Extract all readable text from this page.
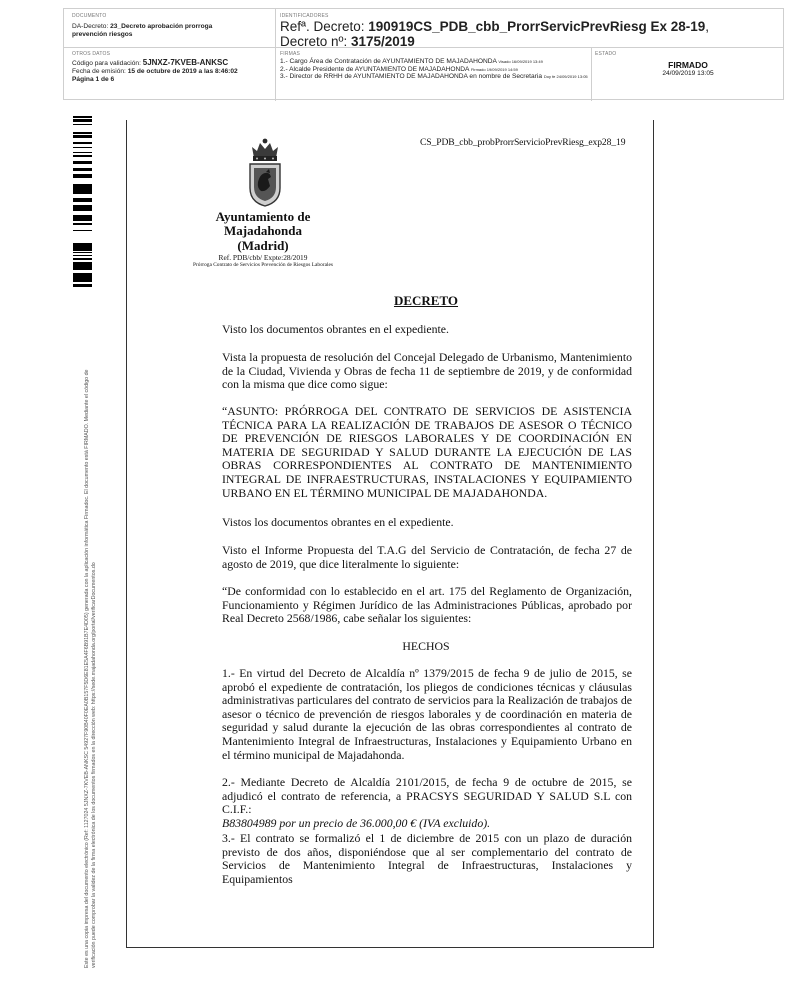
DOCUMENTO
DA-Decreto: 23_Decreto aprobación prorroga
prevención riesgos
IDENTIFICADORES
Refª. Decreto: 190919CS_PDB_cbb_ProrrServicPrevRiesg Ex 28-19,
Decreto nº: 3175/2019
OTROS DATOS
Código para validación: 5JNXZ-7KVEB-ANKSC
Fecha de emisión: 15 de octubre de 2019 a las 8:46:02
Página 1 de 6
FIRMAS
1.- Cargo Área de Contratación de AYUNTAMIENTO DE MAJADAHONDA Visado 16/09/2019 13:49
2.- Alcalde Presidente de AYUNTAMIENTO DE MAJADAHONDA Firmado 19/09/2019 14:59
3.- Director de RRHH de AYUNTAMIENTO DE MAJADAHONDA en nombre de Secretaria Doy fe 24/09/2019 13:05
ESTADO
FIRMADO
24/09/2019 13:05
Este es una copia impresa del documento electrónico (Ref: 1127024 5JNXZ-7KVEB-ANKSC 54927F90B40F0EA0B157F5D6E81E5A4F6B91B7E4D05) generada con la aplicación informática Firmadoc. El documento está FIRMADO. Mediante el código de verificación puede comprobar la validez de la firma electrónica de los documentos firmados en la dirección web: https://sede.majadahonda.org/portal/verificarDocumentos.do
CS_PDB_cbb_probProrrServicioPrevRiesg_exp28_19
Ayuntamiento de
Majadahonda
(Madrid)
Ref. PDB/cbb/ Expte:28/2019
Prórroga Contrato de Servicios Prevención de Riesgos Laborales
DECRETO
Visto los documentos obrantes en el expediente.
Vista la propuesta de resolución del Concejal Delegado de Urbanismo, Mantenimiento de la Ciudad, Vivienda y Obras de fecha 11 de septiembre de 2019, y de conformidad con la misma que dice como sigue:
“ASUNTO: PRÓRROGA DEL CONTRATO DE SERVICIOS DE ASISTENCIA TÉCNICA PARA LA REALIZACIÓN DE TRABAJOS DE ASESOR O TÉCNICO DE PREVENCIÓN DE RIESGOS LABORALES Y DE COORDINACIÓN EN MATERIA DE SEGURIDAD Y SALUD DURANTE LA EJECUCIÓN DE LAS OBRAS CORRESPONDIENTES AL CONTRATO DE MANTENIMIENTO INTEGRAL DE INFRAESTRUCTURAS, INSTALACIONES Y EQUIPAMIENTO URBANO EN EL TÉRMINO MUNICIPAL DE MAJADAHONDA.
Vistos los documentos obrantes en el expediente.
Visto el Informe Propuesta del T.A.G del Servicio de Contratación, de fecha 27 de agosto de 2019, que dice literalmente lo siguiente:
“De conformidad con lo establecido en el art. 175 del Reglamento de Organización, Funcionamiento y Régimen Jurídico de las Administraciones Públicas, aprobado por Real Decreto 2568/1986, cabe señalar los siguientes:
HECHOS
1.- En virtud del Decreto de Alcaldía nº 1379/2015 de fecha 9 de julio de 2015, se aprobó el expediente de contratación, los pliegos de condiciones técnicas y cláusulas administrativas particulares del contrato de servicios para la Realización de trabajos de asesor o técnico de prevención de riesgos laborales y de coordinación en materia de seguridad y salud durante la ejecución de las obras correspondientes al contrato de Mantenimiento Integral de Infraestructuras, Instalaciones y Equipamiento Urbano en el término municipal de Majadahonda.
2.- Mediante Decreto de Alcaldía 2101/2015, de fecha 9 de octubre de 2015, se adjudicó el contrato de referencia, a PRACSYS SEGURIDAD Y SALUD S.L con C.I.F.:
B83804989 por un precio de 36.000,00 € (IVA excluido).
3.- El contrato se formalizó el 1 de diciembre de 2015 con un plazo de duración previsto de dos años, disponiéndose que al ser complementario del contrato de Servicios de Mantenimiento Integral de Infraestructuras, Instalaciones y Equipamientos
